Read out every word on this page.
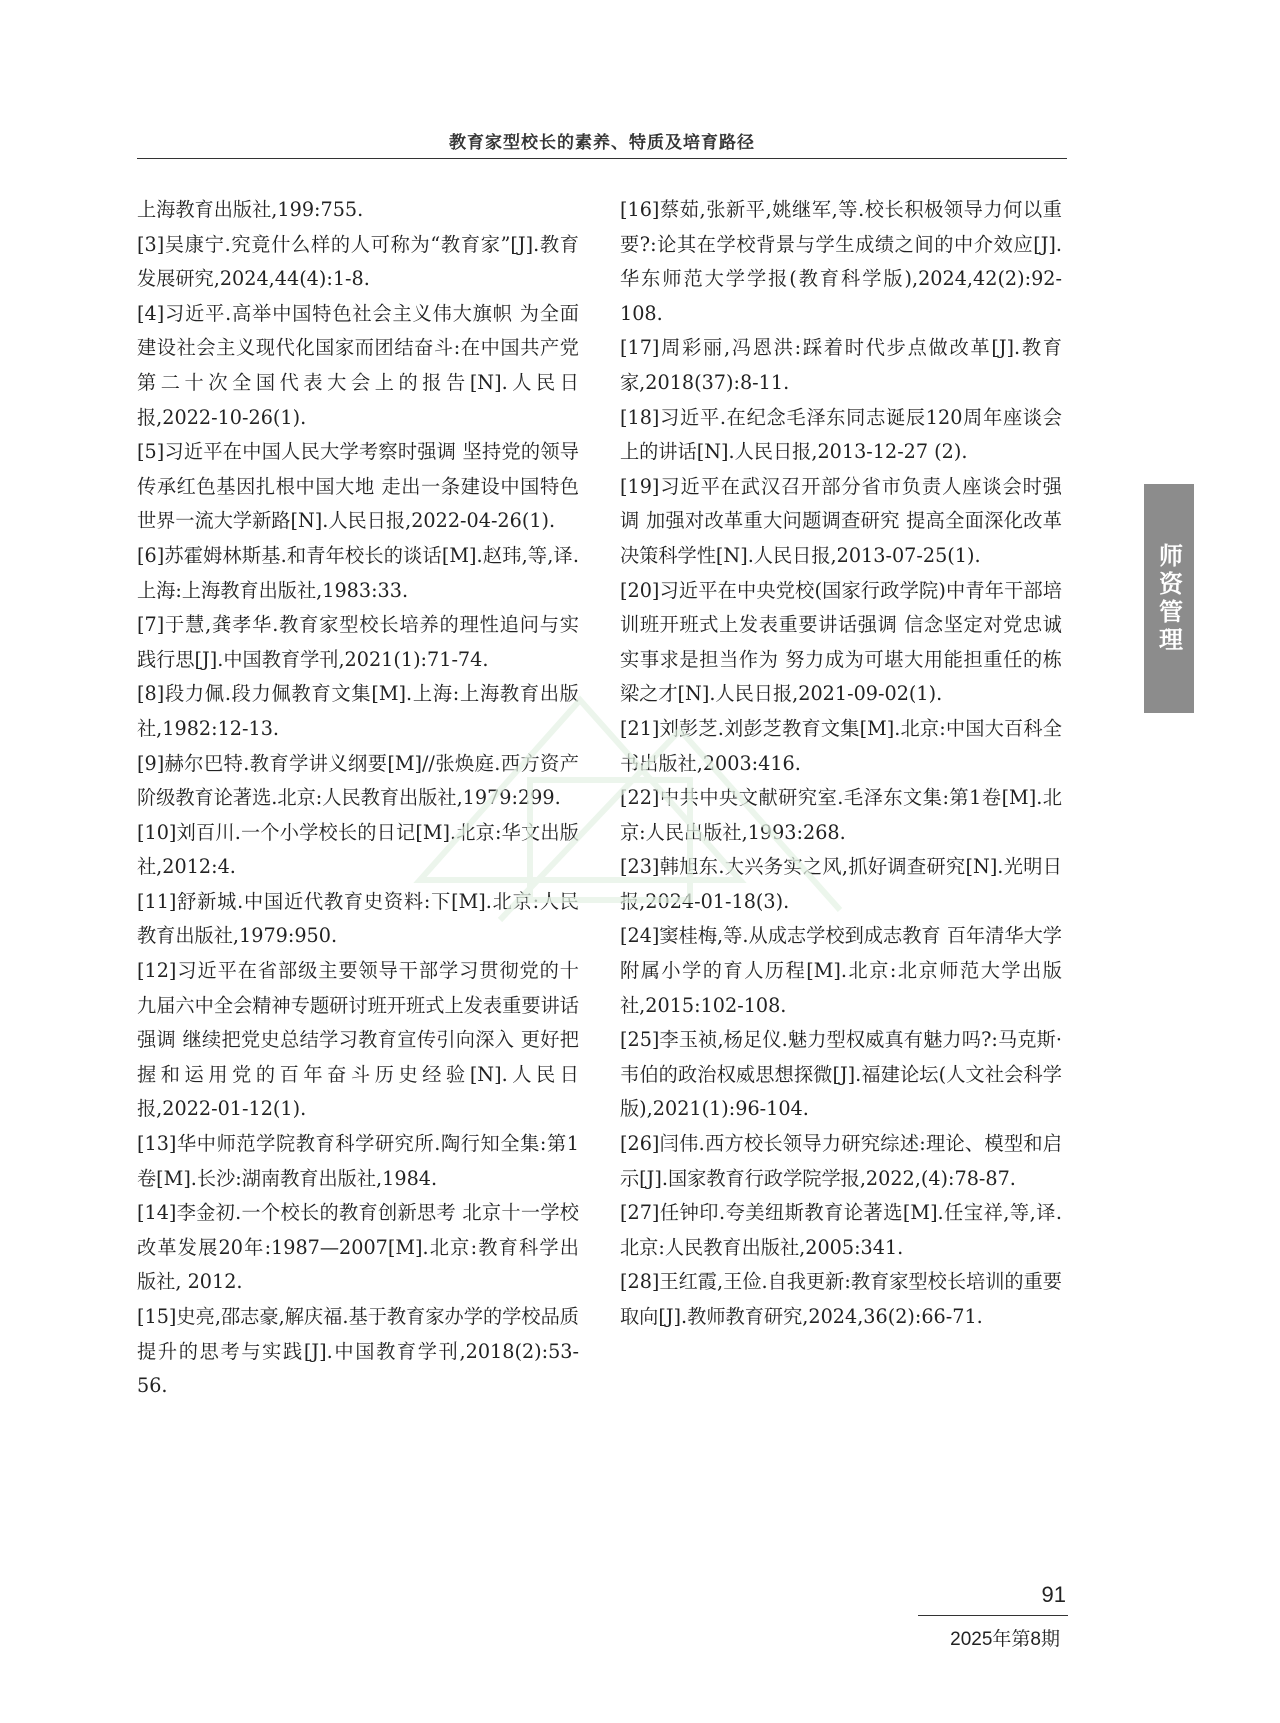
教育家型校长的素养、特质及培育路径

上海教育出版社,199:755.

[3]吴康宁.究竟什么样的人可称为“教育家”[J].教育发展研究,2024,44(4):1-8.

[4]习近平.高举中国特色社会主义伟大旗帜 为全面建设社会主义现代化国家而团结奋斗:在中国共产党第二十次全国代表大会上的报告[N].人民日报,2022-10-26(1).

[5]习近平在中国人民大学考察时强调 坚持党的领导传承红色基因扎根中国大地 走出一条建设中国特色世界一流大学新路[N].人民日报,2022-04-26(1).

[6]苏霍姆林斯基.和青年校长的谈话[M].赵玮,等,译.上海:上海教育出版社,1983:33.

[7]于慧,龚孝华.教育家型校长培养的理性追问与实践行思[J].中国教育学刊,2021(1):71-74.

[8]段力佩.段力佩教育文集[M].上海:上海教育出版社,1982:12-13.

[9]赫尔巴特.教育学讲义纲要[M]//张焕庭.西方资产阶级教育论著选.北京:人民教育出版社,1979:299.

[10]刘百川.一个小学校长的日记[M].北京:华文出版社,2012:4.

[11]舒新城.中国近代教育史资料:下[M].北京:人民教育出版社,1979:950.

[12]习近平在省部级主要领导干部学习贯彻党的十九届六中全会精神专题研讨班开班式上发表重要讲话强调 继续把党史总结学习教育宣传引向深入 更好把握和运用党的百年奋斗历史经验[N].人民日报,2022-01-12(1).

[13]华中师范学院教育科学研究所.陶行知全集:第1卷[M].长沙:湖南教育出版社,1984.

[14]李金初.一个校长的教育创新思考 北京十一学校改革发展20年:1987—2007[M].北京:教育科学出版社, 2012.

[15]史亮,邵志豪,解庆福.基于教育家办学的学校品质提升的思考与实践[J].中国教育学刊,2018(2):53-56.

[16]蔡茹,张新平,姚继军,等.校长积极领导力何以重要?:论其在学校背景与学生成绩之间的中介效应[J].华东师范大学学报(教育科学版),2024,42(2):92-108.

[17]周彩丽,冯恩洪:踩着时代步点做改革[J].教育家,2018(37):8-11.

[18]习近平.在纪念毛泽东同志诞辰120周年座谈会上的讲话[N].人民日报,2013-12-27 (2).

[19]习近平在武汉召开部分省市负责人座谈会时强调 加强对改革重大问题调查研究 提高全面深化改革决策科学性[N].人民日报,2013-07-25(1).

[20]习近平在中央党校(国家行政学院)中青年干部培训班开班式上发表重要讲话强调 信念坚定对党忠诚实事求是担当作为 努力成为可堪大用能担重任的栋梁之才[N].人民日报,2021-09-02(1).

[21]刘彭芝.刘彭芝教育文集[M].北京:中国大百科全书出版社,2003:416.

[22]中共中央文献研究室.毛泽东文集:第1卷[M].北京:人民出版社,1993:268.

[23]韩旭东.大兴务实之风,抓好调查研究[N].光明日报,2024-01-18(3).

[24]窦桂梅,等.从成志学校到成志教育 百年清华大学附属小学的育人历程[M].北京:北京师范大学出版社,2015:102-108.

[25]李玉祯,杨足仪.魅力型权威真有魅力吗?:马克斯·韦伯的政治权威思想探微[J].福建论坛(人文社会科学版),2021(1):96-104.

[26]闫伟.西方校长领导力研究综述:理论、模型和启示[J].国家教育行政学院学报,2022,(4):78-87.

[27]任钟印.夸美纽斯教育论著选[M].任宝祥,等,译.北京:人民教育出版社,2005:341.

[28]王红霞,王俭.自我更新:教育家型校长培训的重要取向[J].教师教育研究,2024,36(2):66-71.

师资管理
91
2025年第8期
